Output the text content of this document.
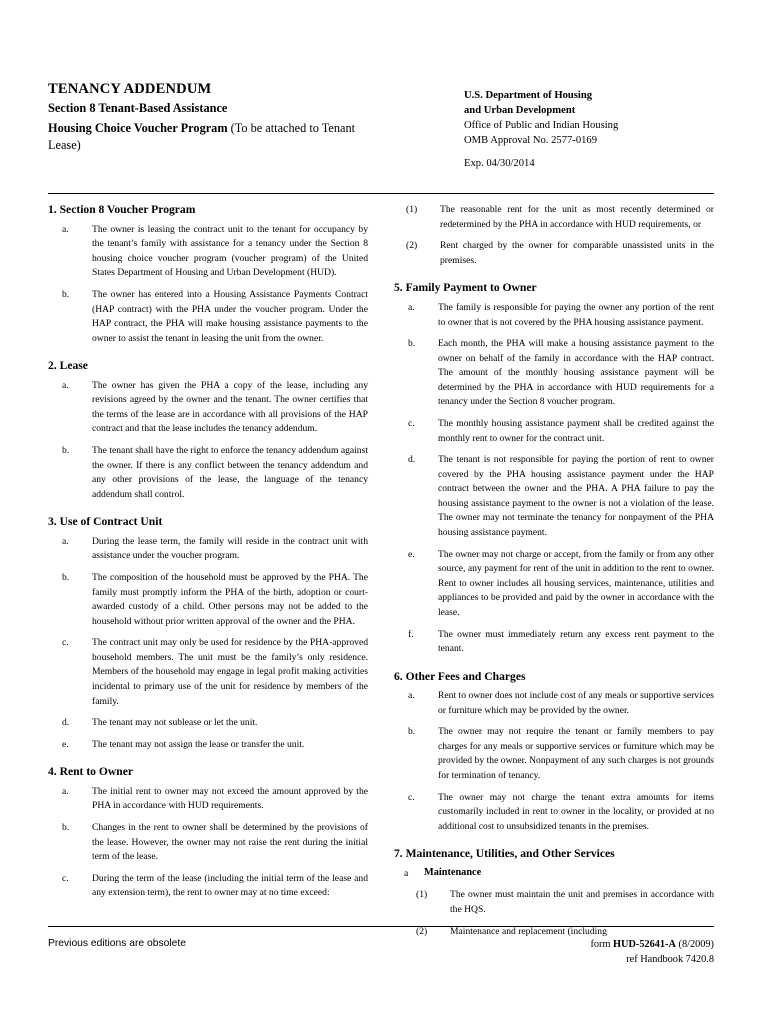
TENANCY ADDENDUM
Section 8 Tenant-Based Assistance
Housing Choice Voucher Program (To be attached to Tenant Lease)
U.S. Department of Housing
and Urban Development
Office of Public and Indian Housing
OMB Approval No. 2577-0169
Exp. 04/30/2014
1. Section 8 Voucher Program
a.	The owner is leasing the contract unit to the tenant for occupancy by the tenant’s family with assistance for a tenancy under the Section 8 housing choice voucher program (voucher program) of the United States Department of Housing and Urban Development (HUD).
b.	The owner has entered into a Housing Assistance Payments Contract (HAP contract) with the PHA under the voucher program. Under the HAP contract, the PHA will make housing assistance payments to the owner to assist the tenant in leasing the unit from the owner.
2. Lease
a.	The owner has given the PHA a copy of the lease, including any revisions agreed by the owner and the tenant. The owner certifies that the terms of the lease are in accordance with all provisions of the HAP contract and that the lease includes the tenancy addendum.
b.	The tenant shall have the right to enforce the tenancy addendum against the owner. If there is any conflict between the tenancy addendum and any other provisions of the lease, the language of the tenancy addendum shall control.
3. Use of Contract Unit
a.	During the lease term, the family will reside in the contract unit with assistance under the voucher program.
b.	The composition of the household must be approved by the PHA. The family must promptly inform the PHA of the birth, adoption or court-awarded custody of a child. Other persons may not be added to the household without prior written approval of the owner and the PHA.
c.	The contract unit may only be used for residence by the PHA-approved household members. The unit must be the family’s only residence. Members of the household may engage in legal profit making activities incidental to primary use of the unit for residence by members of the family.
d.	The tenant may not sublease or let the unit.
e.	The tenant may not assign the lease or transfer the unit.
4. Rent to Owner
a.	The initial rent to owner may not exceed the amount approved by the PHA in accordance with HUD requirements.
b.	Changes in the rent to owner shall be determined by the provisions of the lease. However, the owner may not raise the rent during the initial term of the lease.
c.	During the term of the lease (including the initial term of the lease and any extension term), the rent to owner may at no time exceed:
(1)	The reasonable rent for the unit as most recently determined or redetermined by the PHA in accordance with HUD requirements, or
(2)	Rent charged by the owner for comparable unassisted units in the premises.
5. Family Payment to Owner
a.	The family is responsible for paying the owner any portion of the rent to owner that is not covered by the PHA housing assistance payment.
b.	Each month, the PHA will make a housing assistance payment to the owner on behalf of the family in accordance with the HAP contract. The amount of the monthly housing assistance payment will be determined by the PHA in accordance with HUD requirements for a tenancy under the Section 8 voucher program.
c.	The monthly housing assistance payment shall be credited against the monthly rent to owner for the contract unit.
d.	The tenant is not responsible for paying the portion of rent to owner covered by the PHA housing assistance payment under the HAP contract between the owner and the PHA. A PHA failure to pay the housing assistance payment to the owner is not a violation of the lease. The owner may not terminate the tenancy for nonpayment of the PHA housing assistance payment.
e.	The owner may not charge or accept, from the family or from any other source, any payment for rent of the unit in addition to the rent to owner. Rent to owner includes all housing services, maintenance, utilities and appliances to be provided and paid by the owner in accordance with the lease.
f.	The owner must immediately return any excess rent payment to the tenant.
6. Other Fees and Charges
a.	Rent to owner does not include cost of any meals or supportive services or furniture which may be provided by the owner.
b.	The owner may not require the tenant or family members to pay charges for any meals or supportive services or furniture which may be provided by the owner. Nonpayment of any such charges is not grounds for termination of tenancy.
c.	The owner may not charge the tenant extra amounts for items customarily included in rent to owner in the locality, or provided at no additional cost to unsubsidized tenants in the premises.
7. Maintenance, Utilities, and Other Services
a	Maintenance
(1)	The owner must maintain the unit and premises in accordance with the HQS.
(2)	Maintenance and replacement (including
Previous editions are obsolete	form HUD-52641-A (8/2009)
ref Handbook 7420.8
